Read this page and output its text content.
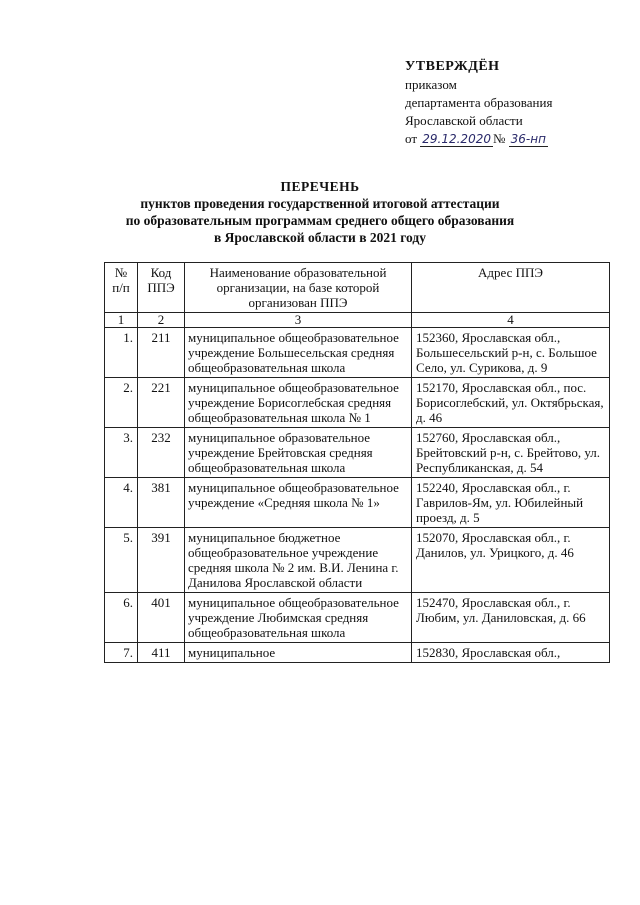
УТВЕРЖДЁН
приказом
департамента образования
Ярославской области
от 29.12.2020 № 36-нп
ПЕРЕЧЕНЬ
пунктов проведения государственной итоговой аттестации
по образовательным программам среднего общего образования
в Ярославской области в 2021 году
№ п/п	Код ППЭ	Наименование образовательной организации, на базе которой организован ППЭ	Адрес ППЭ
1	2	3	4
1.	211	муниципальное общеобразовательное учреждение Большесельская средняя общеобразовательная школа	152360, Ярославская обл., Большесельский р-н, с. Большое Село, ул. Сурикова, д. 9
2.	221	муниципальное общеобразовательное учреждение Борисоглебская средняя общеобразовательная школа № 1	152170, Ярославская обл., пос. Борисоглебский, ул. Октябрьская, д. 46
3.	232	муниципальное образовательное учреждение Брейтовская средняя общеобразовательная школа	152760, Ярославская обл., Брейтовский р-н, с. Брейтово, ул. Республиканская, д. 54
4.	381	муниципальное общеобразовательное учреждение «Средняя школа № 1»	152240, Ярославская обл., г. Гаврилов-Ям, ул. Юбилейный проезд, д. 5
5.	391	муниципальное бюджетное общеобразовательное учреждение средняя школа № 2 им. В.И. Ленина г. Данилова Ярославской области	152070, Ярославская обл., г. Данилов, ул. Урицкого, д. 46
6.	401	муниципальное общеобразовательное учреждение Любимская средняя общеобразовательная школа	152470, Ярославская обл., г. Любим, ул. Даниловская, д. 66
7.	411	муниципальное	152830, Ярославская обл.,
